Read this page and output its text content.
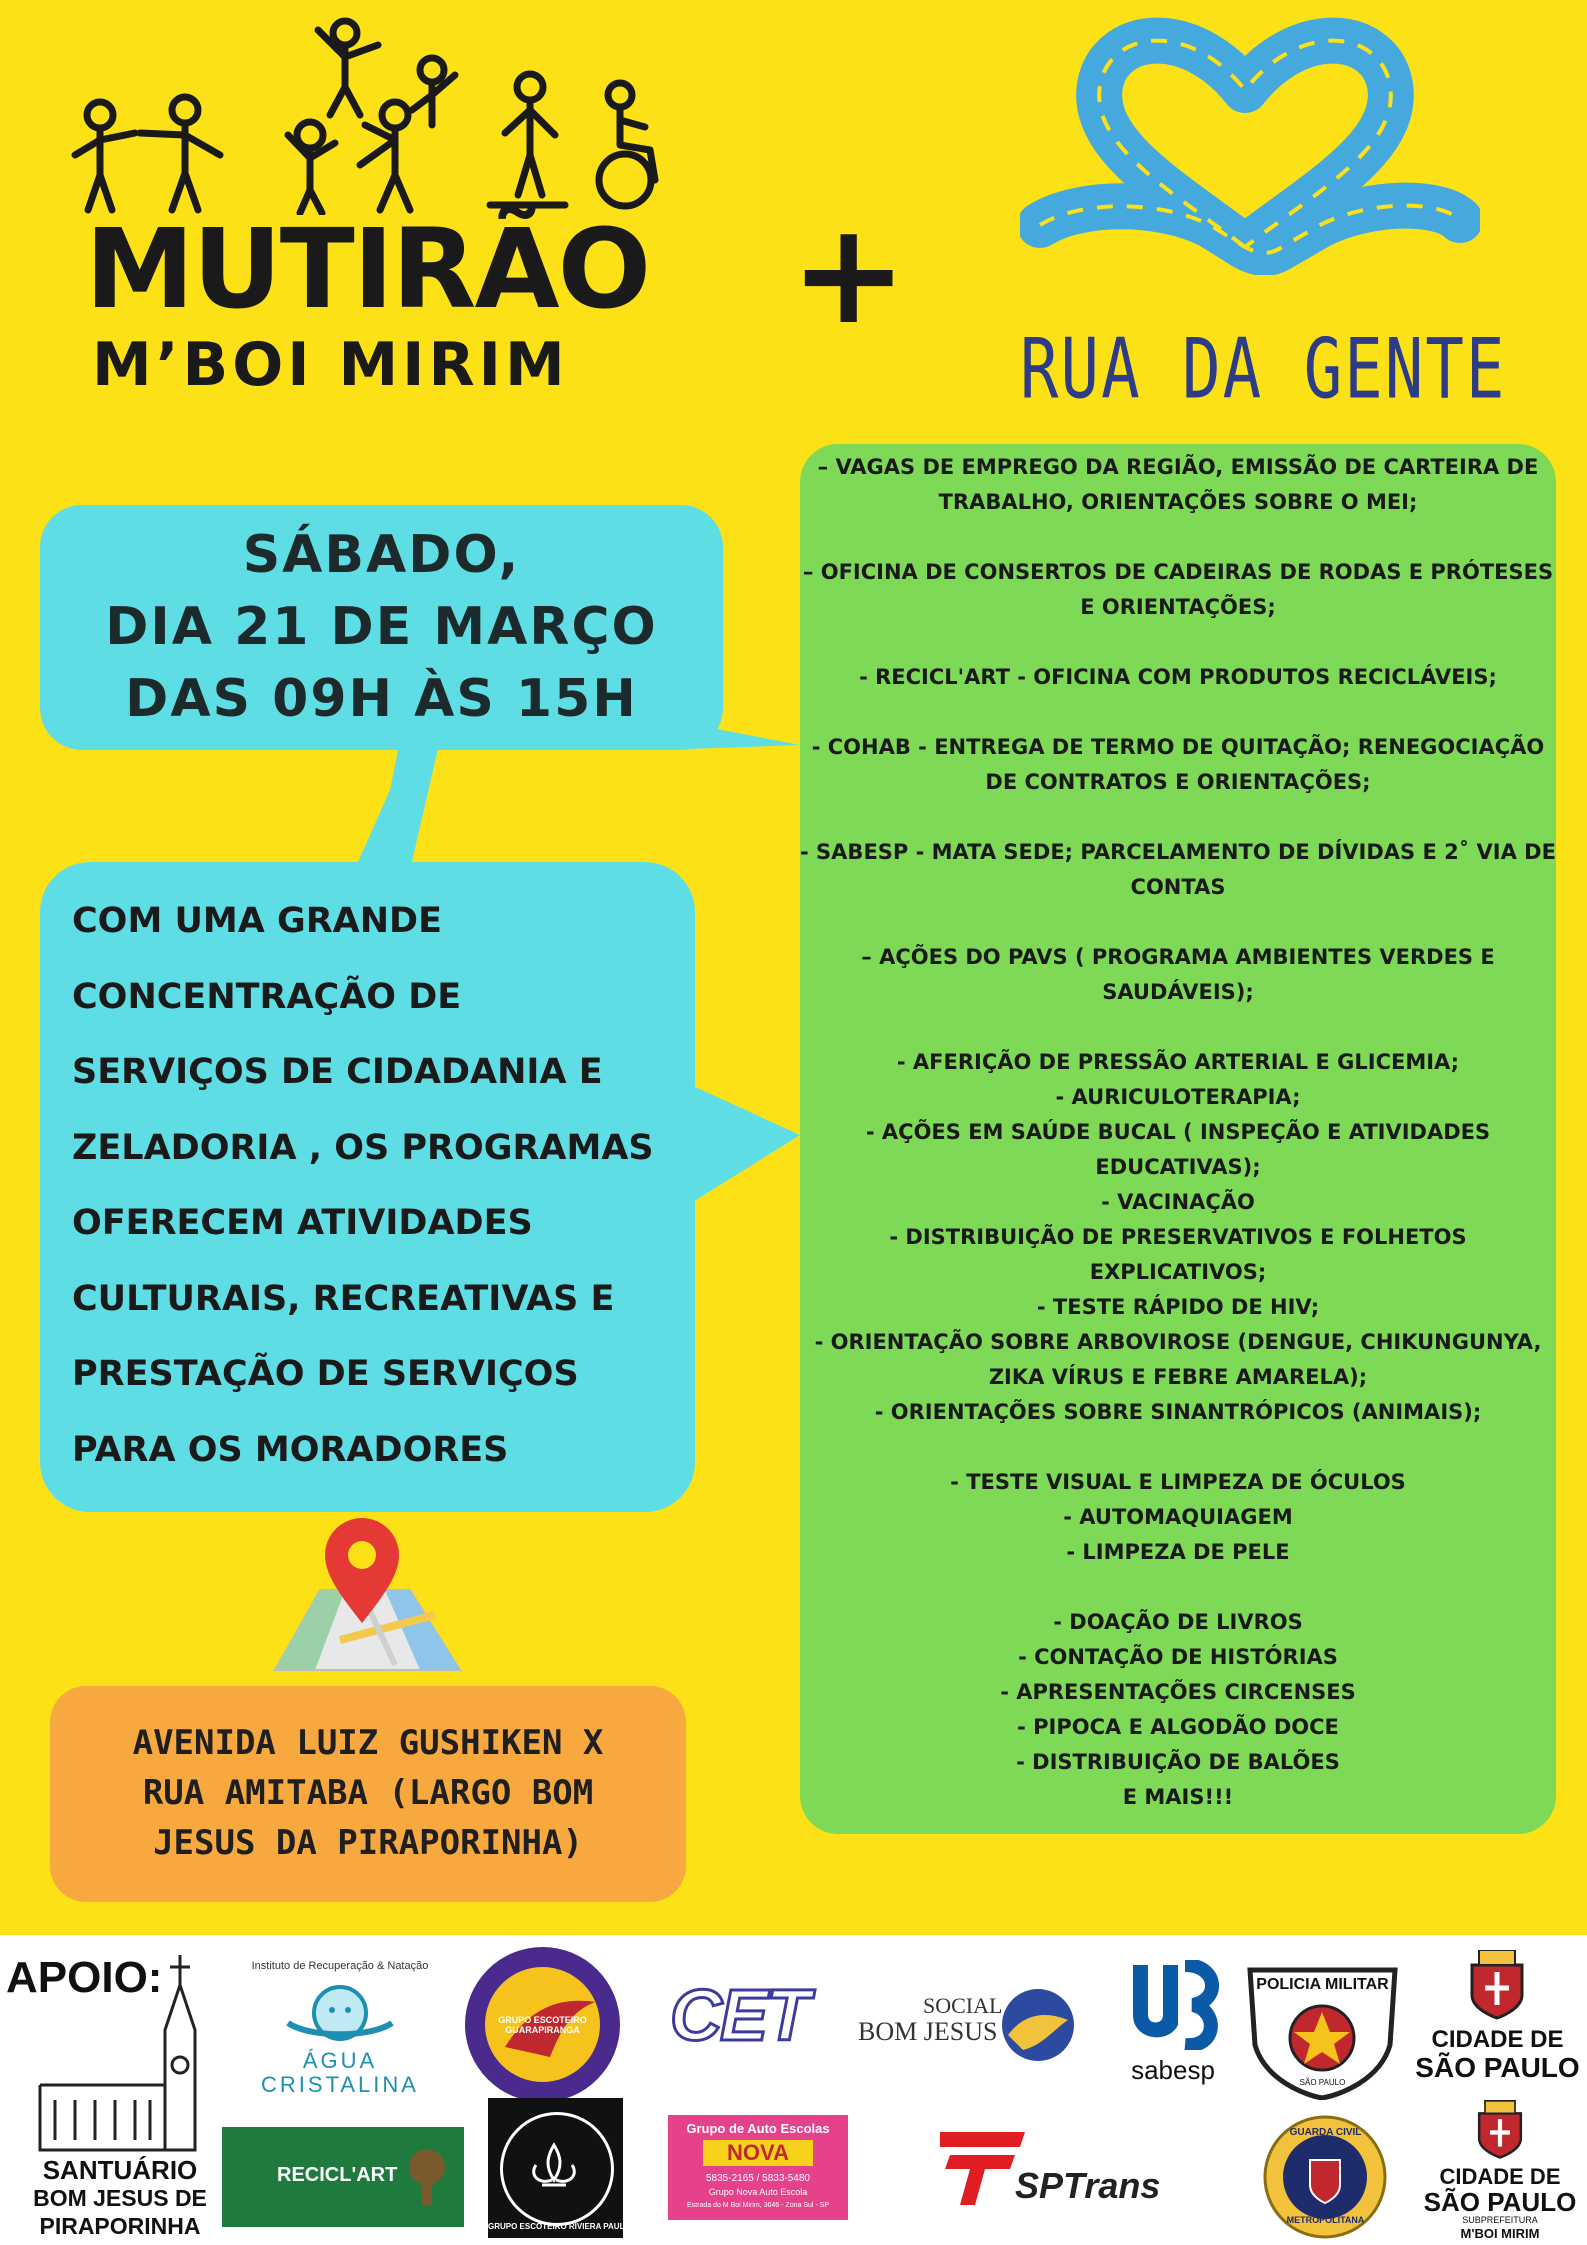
MUTIRÃO
M’BOI MIRIM
+
RUA DA GENTE
SÁBADO,
DIA 21 DE MARÇO
DAS 09H ÀS 15H
COM UMA GRANDE
CONCENTRAÇÃO DE
SERVIÇOS DE CIDADANIA E
ZELADORIA , OS PROGRAMAS
OFERECEM ATIVIDADES
CULTURAIS, RECREATIVAS E
PRESTAÇÃO DE SERVIÇOS
PARA OS MORADORES
– VAGAS DE EMPREGO DA REGIÃO, EMISSÃO DE CARTEIRA DE
TRABALHO, ORIENTAÇÕES SOBRE O MEI;
– OFICINA DE CONSERTOS DE CADEIRAS DE RODAS E PRÓTESES
E ORIENTAÇÕES;
- RECICL'ART - OFICINA COM PRODUTOS RECICLÁVEIS;
- COHAB - ENTREGA DE TERMO DE QUITAÇÃO; RENEGOCIAÇÃO
DE CONTRATOS E ORIENTAÇÕES;
- SABESP - MATA SEDE; PARCELAMENTO DE DÍVIDAS E 2˚ VIA DE
CONTAS
– AÇÕES DO PAVS ( PROGRAMA AMBIENTES VERDES E
SAUDÁVEIS);
- AFERIÇÃO DE PRESSÃO ARTERIAL E GLICEMIA;
- AURICULOTERAPIA;
- AÇÕES EM SAÚDE BUCAL ( INSPEÇÃO E ATIVIDADES
EDUCATIVAS);
- VACINAÇÃO
- DISTRIBUIÇÃO DE PRESERVATIVOS E FOLHETOS
EXPLICATIVOS;
- TESTE RÁPIDO DE HIV;
- ORIENTAÇÃO SOBRE ARBOVIROSE (DENGUE, CHIKUNGUNYA,
ZIKA VÍRUS E FEBRE AMARELA);
- ORIENTAÇÕES SOBRE SINANTRÓPICOS (ANIMAIS);
- TESTE VISUAL E LIMPEZA DE ÓCULOS
- AUTOMAQUIAGEM
- LIMPEZA DE PELE
- DOAÇÃO DE LIVROS
- CONTAÇÃO DE HISTÓRIAS
- APRESENTAÇÕES CIRCENSES
- PIPOCA E ALGODÃO DOCE
- DISTRIBUIÇÃO DE BALÕES
E MAIS!!!
AVENIDA LUIZ GUSHIKEN X
RUA AMITABA (LARGO BOM
JESUS DA PIRAPORINHA)
APOIO:
SANTUÁRIO
BOM JESUS DE
PIRAPORINHA
Instituto de Recuperação & Natação
ÁGUA
CRISTALINA
GRUPO ESCOTEIRO GUARAPIRANGA	CET	SOCIAL
BOM JESUS
sabesp
POLICIA MILITAR
SÃO PAULO
CIDADE DE
SÃO PAULO
RECICL'ART
GRUPO ESCOTEIRO RIVIERA PAULISTA
Grupo de Auto Escolas
NOVA
5835-2165 / 5833-5480
Grupo Nova Auto Escola
Estrada do M Boi Mirim, 3646 - Zona Sul - SP	SPTrans
GUARDA CIVIL
METROPOLITANA
CIDADE DE
SÃO PAULO
SUBPREFEITURA
M'BOI MIRIM
